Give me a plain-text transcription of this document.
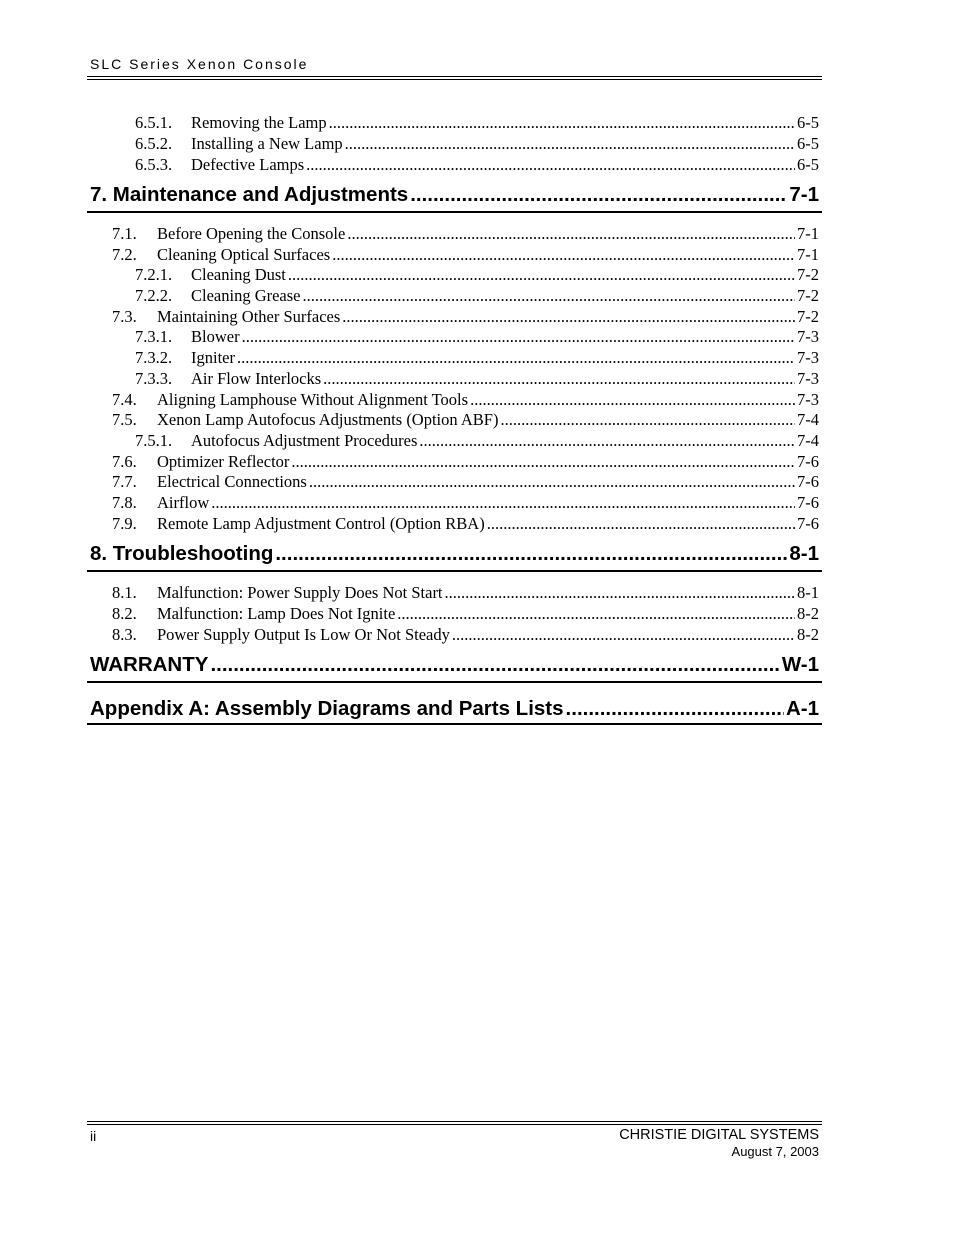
SLC Series Xenon Console
6.5.1.	Removing the Lamp .....	6-5
6.5.2.	Installing a New Lamp .....	6-5
6.5.3.	Defective Lamps .....	6-5
7. Maintenance and Adjustments .....	7-1
7.1.	Before Opening the Console .....	7-1
7.2.	Cleaning Optical Surfaces .....	7-1
7.2.1.	Cleaning Dust .....	7-2
7.2.2.	Cleaning Grease .....	7-2
7.3.	Maintaining Other Surfaces .....	7-2
7.3.1.	Blower .....	7-3
7.3.2.	Igniter .....	7-3
7.3.3.	Air Flow Interlocks .....	7-3
7.4.	Aligning Lamphouse Without Alignment Tools .....	7-3
7.5.	Xenon Lamp Autofocus Adjustments (Option ABF) .....	7-4
7.5.1.	Autofocus Adjustment Procedures .....	7-4
7.6.	Optimizer Reflector .....	7-6
7.7.	Electrical Connections .....	7-6
7.8.	Airflow .....	7-6
7.9.	Remote Lamp Adjustment Control (Option RBA) .....	7-6
8. Troubleshooting .....	8-1
8.1.	Malfunction: Power Supply Does Not Start .....	8-1
8.2.	Malfunction: Lamp Does Not Ignite .....	8-2
8.3.	Power Supply Output Is Low Or Not Steady .....	8-2
WARRANTY .....	W-1
Appendix A: Assembly Diagrams and Parts Lists .....	A-1
ii	CHRISTIE DIGITAL SYSTEMS
August 7, 2003
